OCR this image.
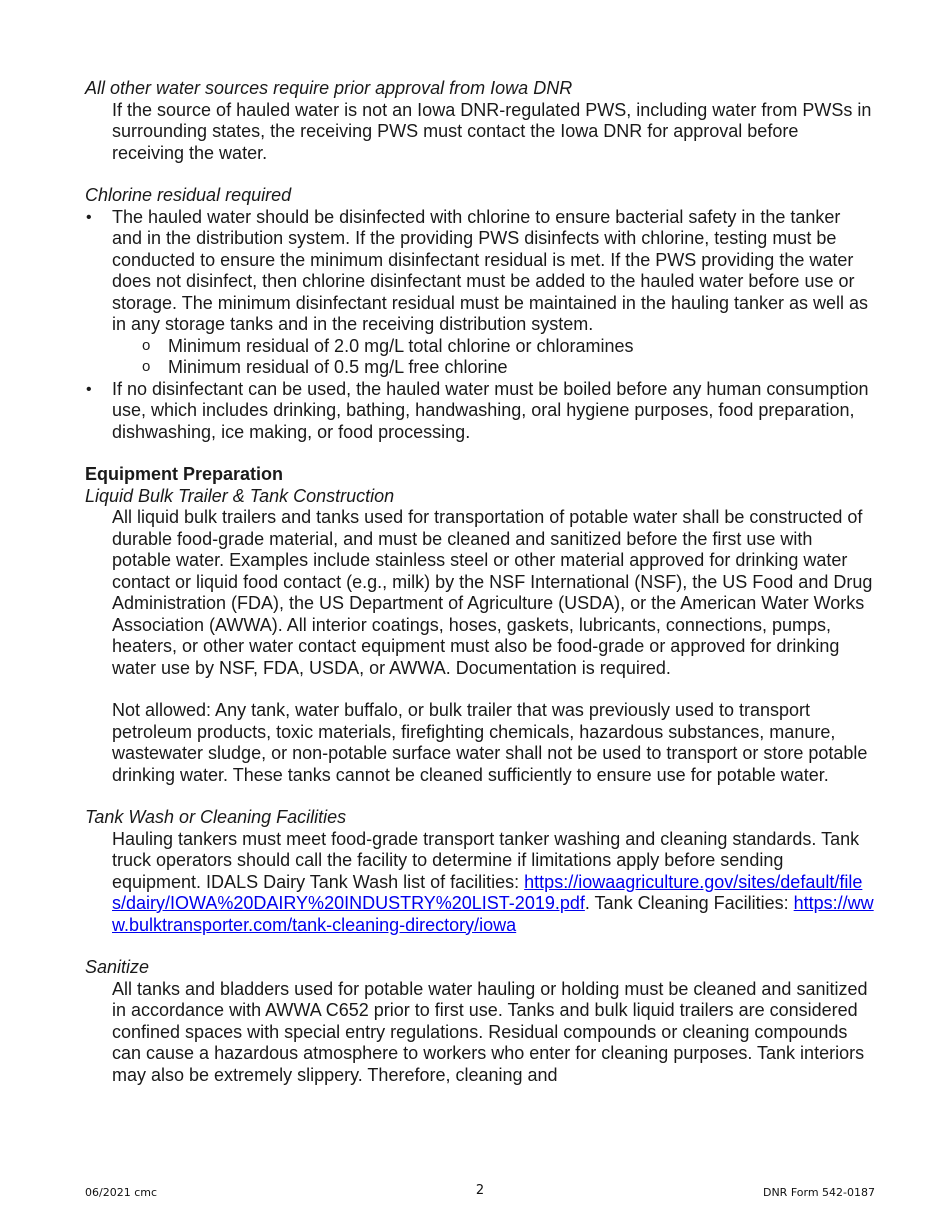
All other water sources require prior approval from Iowa DNR

If the source of hauled water is not an Iowa DNR-regulated PWS, including water from PWSs in surrounding states, the receiving PWS must contact the Iowa DNR for approval before receiving the water.

Chlorine residual required

• The hauled water should be disinfected with chlorine to ensure bacterial safety in the tanker and in the distribution system. If the providing PWS disinfects with chlorine, testing must be conducted to ensure the minimum disinfectant residual is met. If the PWS providing the water does not disinfect, then chlorine disinfectant must be added to the hauled water before use or storage. The minimum disinfectant residual must be maintained in the hauling tanker as well as in any storage tanks and in the receiving distribution system.
o Minimum residual of 2.0 mg/L total chlorine or chloramines
o Minimum residual of 0.5 mg/L free chlorine
• If no disinfectant can be used, the hauled water must be boiled before any human consumption use, which includes drinking, bathing, handwashing, oral hygiene purposes, food preparation, dishwashing, ice making, or food processing.

Equipment Preparation

Liquid Bulk Trailer & Tank Construction

All liquid bulk trailers and tanks used for transportation of potable water shall be constructed of durable food-grade material, and must be cleaned and sanitized before the first use with potable water. Examples include stainless steel or other material approved for drinking water contact or liquid food contact (e.g., milk) by the NSF International (NSF), the US Food and Drug Administration (FDA), the US Department of Agriculture (USDA), or the American Water Works Association (AWWA). All interior coatings, hoses, gaskets, lubricants, connections, pumps, heaters, or other water contact equipment must also be food-grade or approved for drinking water use by NSF, FDA, USDA, or AWWA. Documentation is required.

Not allowed: Any tank, water buffalo, or bulk trailer that was previously used to transport petroleum products, toxic materials, firefighting chemicals, hazardous substances, manure, wastewater sludge, or non-potable surface water shall not be used to transport or store potable drinking water. These tanks cannot be cleaned sufficiently to ensure use for potable water.

Tank Wash or Cleaning Facilities

Hauling tankers must meet food-grade transport tanker washing and cleaning standards. Tank truck operators should call the facility to determine if limitations apply before sending equipment. IDALS Dairy Tank Wash list of facilities: https://iowaagriculture.gov/sites/default/files/dairy/IOWA%20DAIRY%20INDUSTRY%20LIST-2019.pdf. Tank Cleaning Facilities: https://www.bulktransporter.com/tank-cleaning-directory/iowa

Sanitize

All tanks and bladders used for potable water hauling or holding must be cleaned and sanitized in accordance with AWWA C652 prior to first use. Tanks and bulk liquid trailers are considered confined spaces with special entry regulations. Residual compounds or cleaning compounds can cause a hazardous atmosphere to workers who enter for cleaning purposes. Tank interiors may also be extremely slippery. Therefore, cleaning and

06/2021 cmc	2	DNR Form 542-0187
